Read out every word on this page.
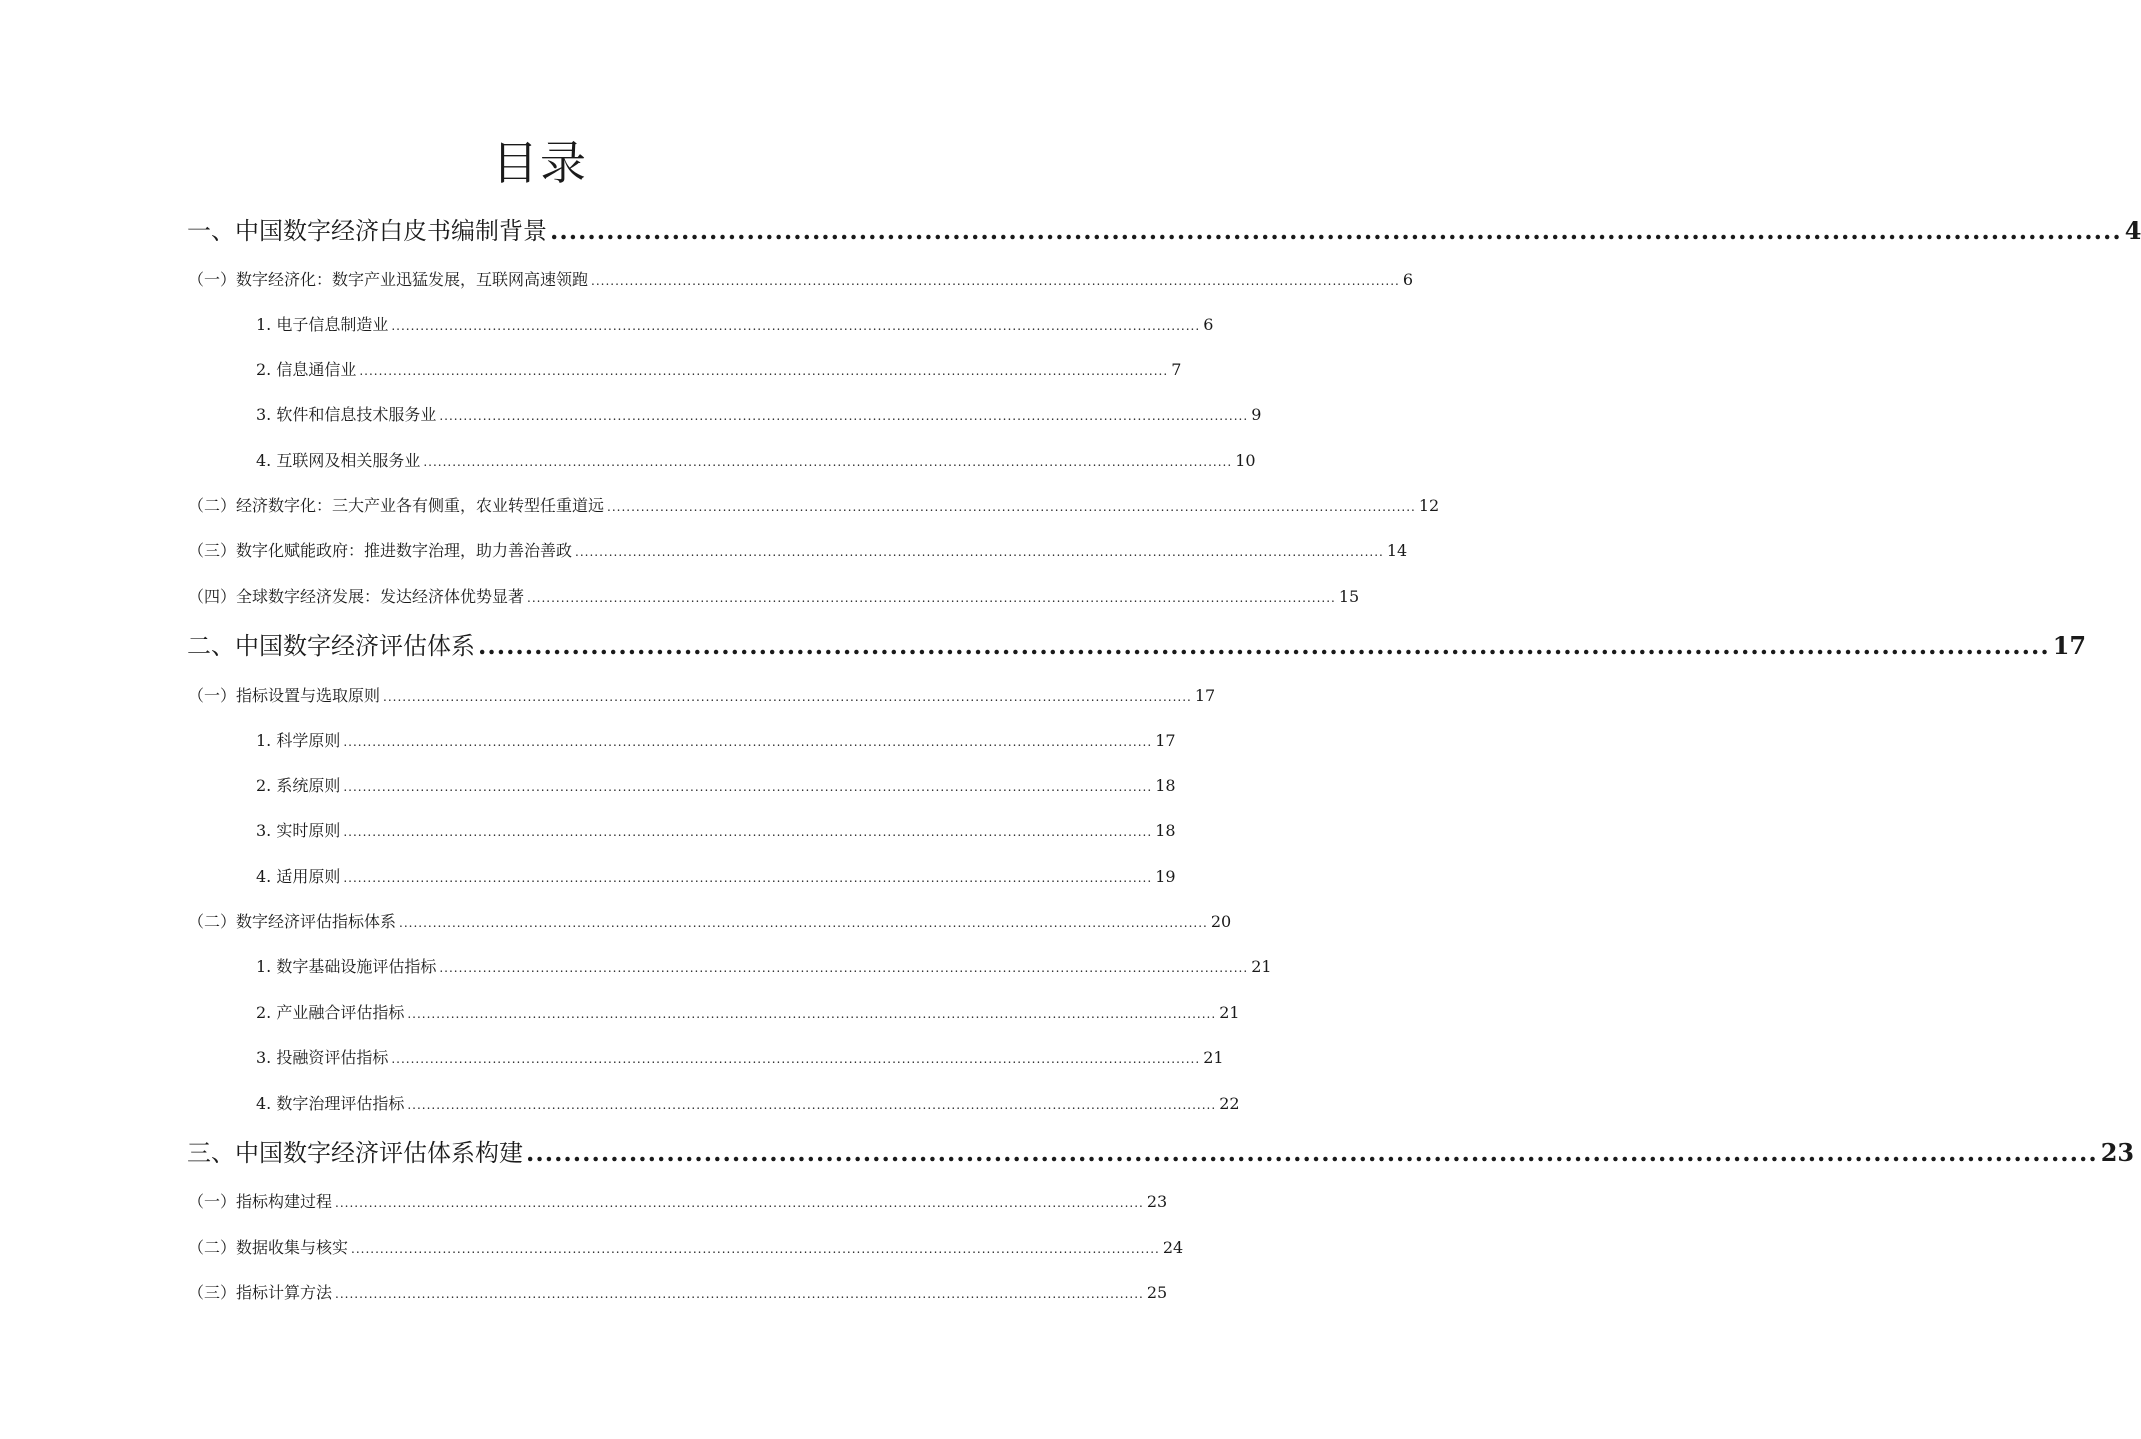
目录
一、中国数字经济白皮书编制背景 ........................................................................................................................................................................ 4
（一）数字经济化：数字产业迅猛发展，互联网高速领跑 ........................................................................................................................................................................ 6
1. 电子信息制造业 ........................................................................................................................................................................ 6
2. 信息通信业 ........................................................................................................................................................................ 7
3. 软件和信息技术服务业 ........................................................................................................................................................................ 9
4. 互联网及相关服务业 ........................................................................................................................................................................ 10
（二）经济数字化：三大产业各有侧重，农业转型任重道远 ........................................................................................................................................................................ 12
（三）数字化赋能政府：推进数字治理，助力善治善政 ........................................................................................................................................................................ 14
（四）全球数字经济发展：发达经济体优势显著 ........................................................................................................................................................................ 15
二、中国数字经济评估体系 ........................................................................................................................................................................ 17
（一）指标设置与选取原则 ........................................................................................................................................................................ 17
1. 科学原则 ........................................................................................................................................................................ 17
2. 系统原则 ........................................................................................................................................................................ 18
3. 实时原则 ........................................................................................................................................................................ 18
4. 适用原则 ........................................................................................................................................................................ 19
（二）数字经济评估指标体系 ........................................................................................................................................................................ 20
1. 数字基础设施评估指标 ........................................................................................................................................................................ 21
2. 产业融合评估指标 ........................................................................................................................................................................ 21
3. 投融资评估指标 ........................................................................................................................................................................ 21
4. 数字治理评估指标 ........................................................................................................................................................................ 22
三、中国数字经济评估体系构建 ........................................................................................................................................................................ 23
（一）指标构建过程 ........................................................................................................................................................................ 23
（二）数据收集与核实 ........................................................................................................................................................................ 24
（三）指标计算方法 ........................................................................................................................................................................ 25
